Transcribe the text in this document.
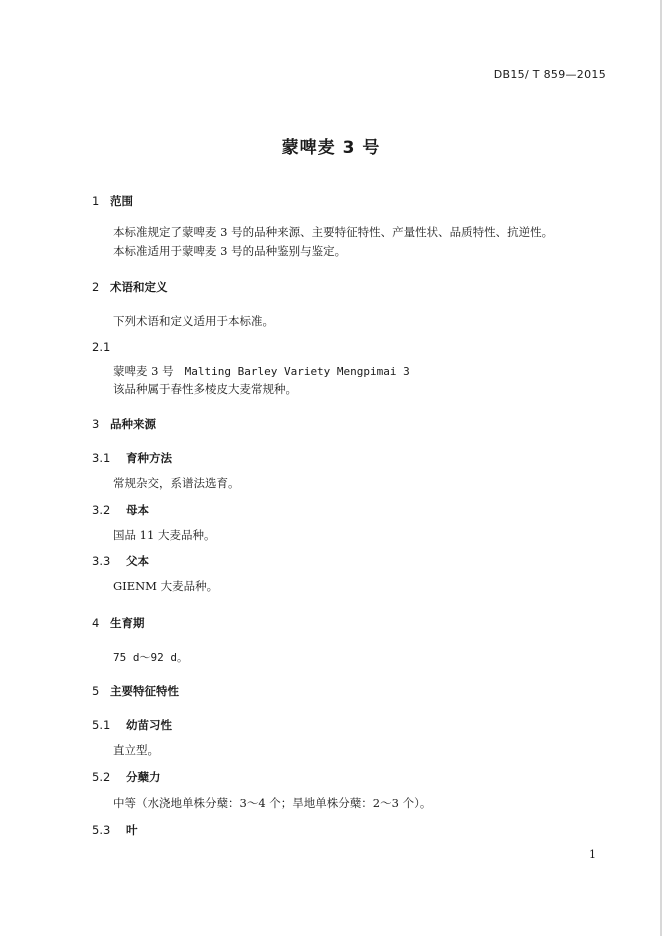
DB15/ T 859—2015
蒙啤麦 3 号
1 范围
本标准规定了蒙啤麦 3 号的品种来源、主要特征特性、产量性状、品质特性、抗逆性。
本标准适用于蒙啤麦 3 号的品种鉴别与鉴定。
2 术语和定义
下列术语和定义适用于本标准。
2.1
蒙啤麦 3 号 Malting Barley Variety Mengpimai 3
该品种属于春性多棱皮大麦常规种。
3 品种来源
3.1 育种方法
常规杂交，系谱法选育。
3.2 母本
国品 11 大麦品种。
3.3 父本
GIENM 大麦品种。
4 生育期
75 d～92 d。
5 主要特征特性
5.1 幼苗习性
直立型。
5.2 分蘖力
中等（水浇地单株分蘖：3～4 个；旱地单株分蘖：2～3 个）。
5.3 叶
1
